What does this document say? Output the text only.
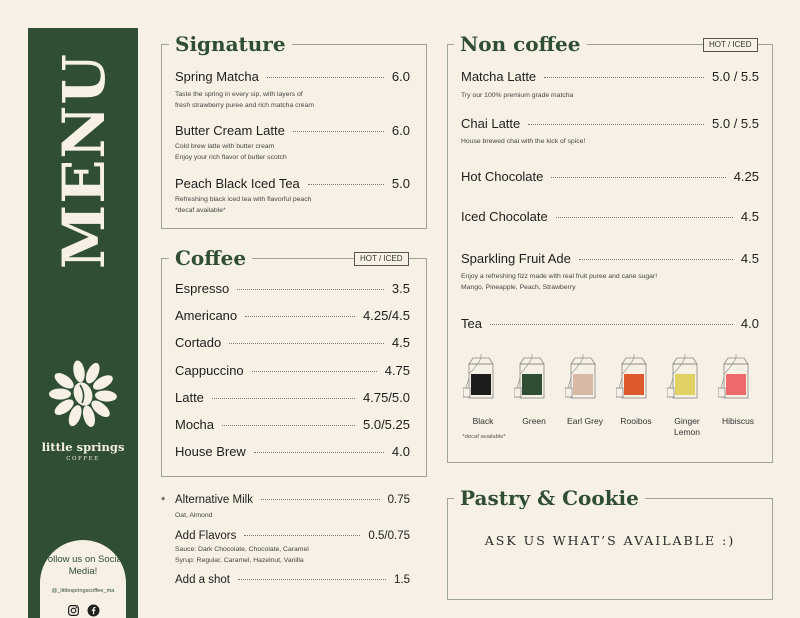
MENU
little springs
COFFEE
Follow us on Social Media!
@_littlespringscoffee_ma
Signature
Spring Matcha	6.0
Taste the spring in every sip, with layers of
fresh strawberry puree and rich matcha cream
Butter Cream Latte	6.0
Cold brew latte with butter cream
Enjoy your rich flavor of butter scotch
Peach Black Iced Tea	5.0
Refreshing black iced tea with flavorful peach
*decaf available*
Coffee	HOT / ICED
Espresso	3.5
Americano	4.25/4.5
Cortado	4.5
Cappuccino	4.75
Latte	4.75/5.0
Mocha	5.0/5.25
House Brew	4.0
* Alternative Milk	0.75
Oat, Almond
Add Flavors	0.5/0.75
Sauce: Dark Chocolate, Chocolate, Caramel
Syrup: Regular, Caramel, Hazelnut, Vanilla
Add a shot	1.5
Non coffee	HOT / ICED
Matcha Latte	5.0 / 5.5
Try our 100% premium grade matcha
Chai Latte	5.0 / 5.5
House brewed chai with the kick of spice!
Hot Chocolate	4.25
Iced Chocolate	4.5
Sparkling Fruit Ade	4.5
Enjoy a refreshing fizz made with real fruit puree and cane sugar!
Mango, Pineapple, Peach, Strawberry
Tea	4.0
Black	Green	Earl Grey	Rooibos	Ginger Lemon
Hibiscus
*decaf available*
Pastry & Cookie
ASK US WHAT’S AVAILABLE :)
